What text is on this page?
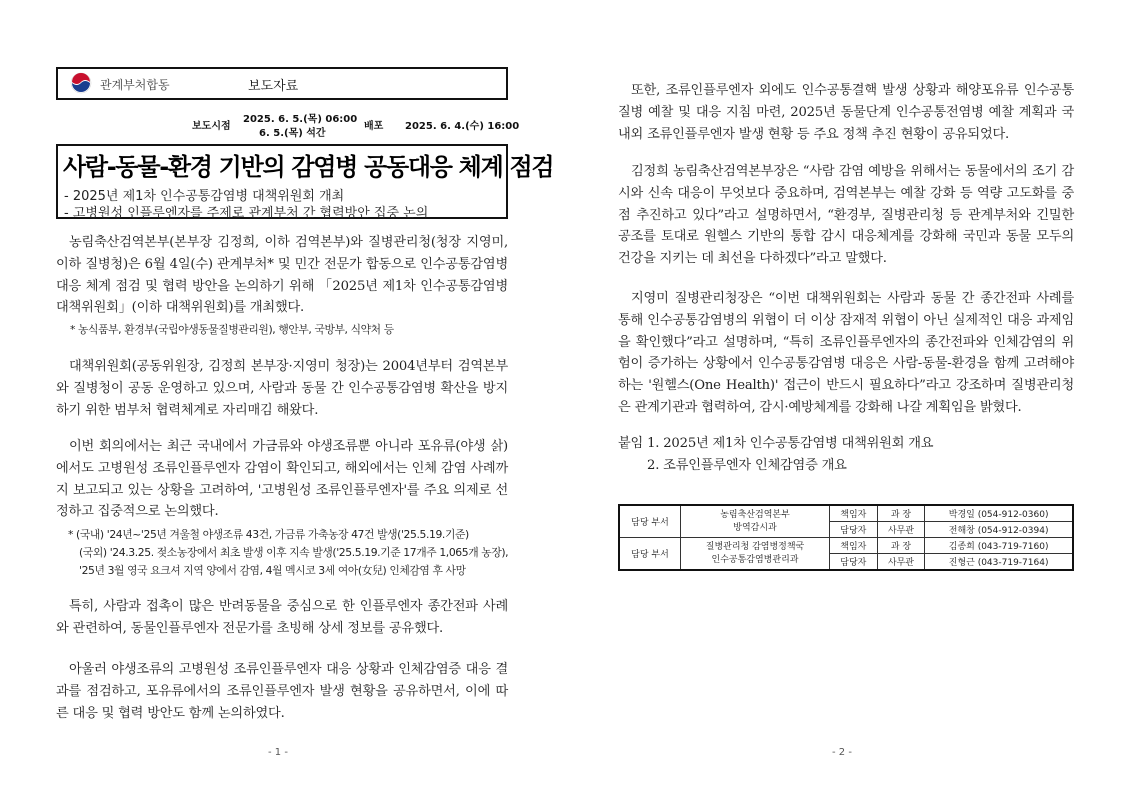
관계부처합동	보도자료
보도시점
2025. 6. 5.(목) 06:00
6. 5.(목) 석간
배포 2025. 6. 4.(수) 16:00
사람-동물-환경 기반의 감염병 공동대응 체계 점검
- 2025년 제1차 인수공통감염병 대책위원회 개최
- 고병원성 인플루엔자를 주제로 관계부처 간 협력방안 집중 논의
농림축산검역본부(본부장 김정희, 이하 검역본부)와 질병관리청(청장 지영미, 이하 질병청)은 6월 4일(수) 관계부처* 및 민간 전문가 합동으로 인수공통감염병 대응 체계 점검 및 협력 방안을 논의하기 위해 「2025년 제1차 인수공통감염병 대책위원회」(이하 대책위원회)를 개최했다.
* 농식품부, 환경부(국립야생동물질병관리원), 행안부, 국방부, 식약처 등
대책위원회(공동위원장, 김정희 본부장·지영미 청장)는 2004년부터 검역본부와 질병청이 공동 운영하고 있으며, 사람과 동물 간 인수공통감염병 확산을 방지하기 위한 범부처 협력체계로 자리매김 해왔다.
이번 회의에서는 최근 국내에서 가금류와 야생조류뿐 아니라 포유류(야생 삵)에서도 고병원성 조류인플루엔자 감염이 확인되고, 해외에서는 인체 감염 사례까지 보고되고 있는 상황을 고려하여, '고병원성 조류인플루엔자'를 주요 의제로 선정하고 집중적으로 논의했다.
* (국내) '24년~'25년 겨울철 야생조류 43건, 가금류 가축농장 47건 발생('25.5.19.기준)
(국외) '24.3.25. 젖소농장에서 최초 발생 이후 지속 발생('25.5.19.기준 17개주 1,065개 농장),
'25년 3월 영국 요크셔 지역 양에서 감염, 4월 멕시코 3세 여아(女兒) 인체감염 후 사망
특히, 사람과 접촉이 많은 반려동물을 중심으로 한 인플루엔자 종간전파 사례와 관련하여, 동물인플루엔자 전문가를 초빙해 상세 정보를 공유했다.
아울러 야생조류의 고병원성 조류인플루엔자 대응 상황과 인체감염증 대응 결과를 점검하고, 포유류에서의 조류인플루엔자 발생 현황을 공유하면서, 이에 따른 대응 및 협력 방안도 함께 논의하였다.
- 1 -
또한, 조류인플루엔자 외에도 인수공통결핵 발생 상황과 해양포유류 인수공통 질병 예찰 및 대응 지침 마련, 2025년 동물단계 인수공통전염병 예찰 계획과 국내외 조류인플루엔자 발생 현황 등 주요 정책 추진 현황이 공유되었다.
김정희 농림축산검역본부장은 “사람 감염 예방을 위해서는 동물에서의 조기 감시와 신속 대응이 무엇보다 중요하며, 검역본부는 예찰 강화 등 역량 고도화를 중점 추진하고 있다”라고 설명하면서, “환경부, 질병관리청 등 관계부처와 긴밀한 공조를 토대로 원헬스 기반의 통합 감시 대응체계를 강화해 국민과 동물 모두의 건강을 지키는 데 최선을 다하겠다”라고 말했다.
지영미 질병관리청장은 “이번 대책위원회는 사람과 동물 간 종간전파 사례를 통해 인수공통감염병의 위협이 더 이상 잠재적 위협이 아닌 실제적인 대응 과제임을 확인했다”라고 설명하며, “특히 조류인플루엔자의 종간전파와 인체감염의 위험이 증가하는 상황에서 인수공통감염병 대응은 사람-동물-환경을 함께 고려해야 하는 '원헬스(One Health)' 접근이 반드시 필요하다”라고 강조하며 질병관리청은 관계기관과 협력하여, 감시·예방체계를 강화해 나갈 계획임을 밝혔다.
붙임 1. 2025년 제1차 인수공통감염병 대책위원회 개요
2. 조류인플루엔자 인체감염증 개요
담당 부서	농림축산검역본부
방역감시과	책임자	과 장	박경일 (054-912-0360)
		담당자	사무관	전해창 (054-912-0394)
담당 부서	질병관리청 감염병정책국
인수공통감염병관리과	책임자	과 장	김종희 (043-719-7160)
		담당자	사무관	진형근 (043-719-7164)
- 2 -
